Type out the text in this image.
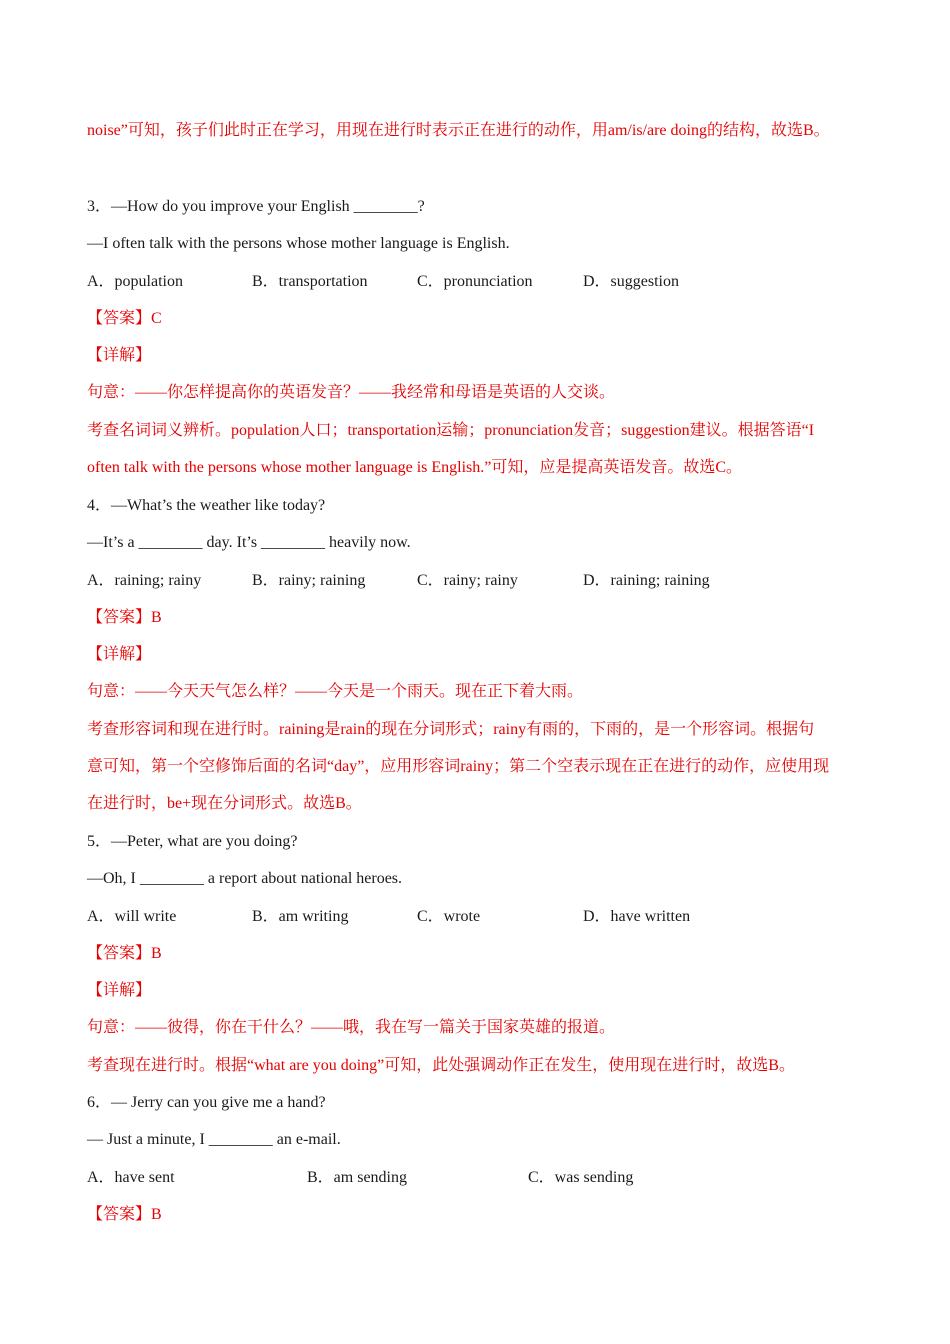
noise”可知，孩子们此时正在学习，用现在进行时表示正在进行的动作，用am/is/are doing的结构，故选B。
3．—How do you improve your English ________?
—I often talk with the persons whose mother language is English.
A．population	B．transportation	C．pronunciation	D．suggestion
【答案】C
【详解】
句意：——你怎样提高你的英语发音？——我经常和母语是英语的人交谈。
考查名词词义辨析。population人口；transportation运输；pronunciation发音；suggestion建议。根据答语“I
often talk with the persons whose mother language is English.”可知，应是提高英语发音。故选C。
4．—What’s the weather like today?
—It’s a ________ day. It’s ________ heavily now.
A．raining; rainy	B．rainy; raining	C．rainy; rainy	D．raining; raining
【答案】B
【详解】
句意：——今天天气怎么样？——今天是一个雨天。现在正下着大雨。
考查形容词和现在进行时。raining是rain的现在分词形式；rainy有雨的，下雨的，是一个形容词。根据句
意可知，第一个空修饰后面的名词“day”，应用形容词rainy；第二个空表示现在正在进行的动作，应使用现
在进行时，be+现在分词形式。故选B。
5．—Peter, what are you doing?
—Oh, I ________ a report about national heroes.
A．will write	B．am writing	C．wrote	D．have written
【答案】B
【详解】
句意：——彼得，你在干什么？——哦，我在写一篇关于国家英雄的报道。
考查现在进行时。根据“what are you doing”可知，此处强调动作正在发生，使用现在进行时，故选B。
6．— Jerry can you give me a hand?
— Just a minute, I ________ an e-mail.
A．have sent	B．am sending	C．was sending
【答案】B
